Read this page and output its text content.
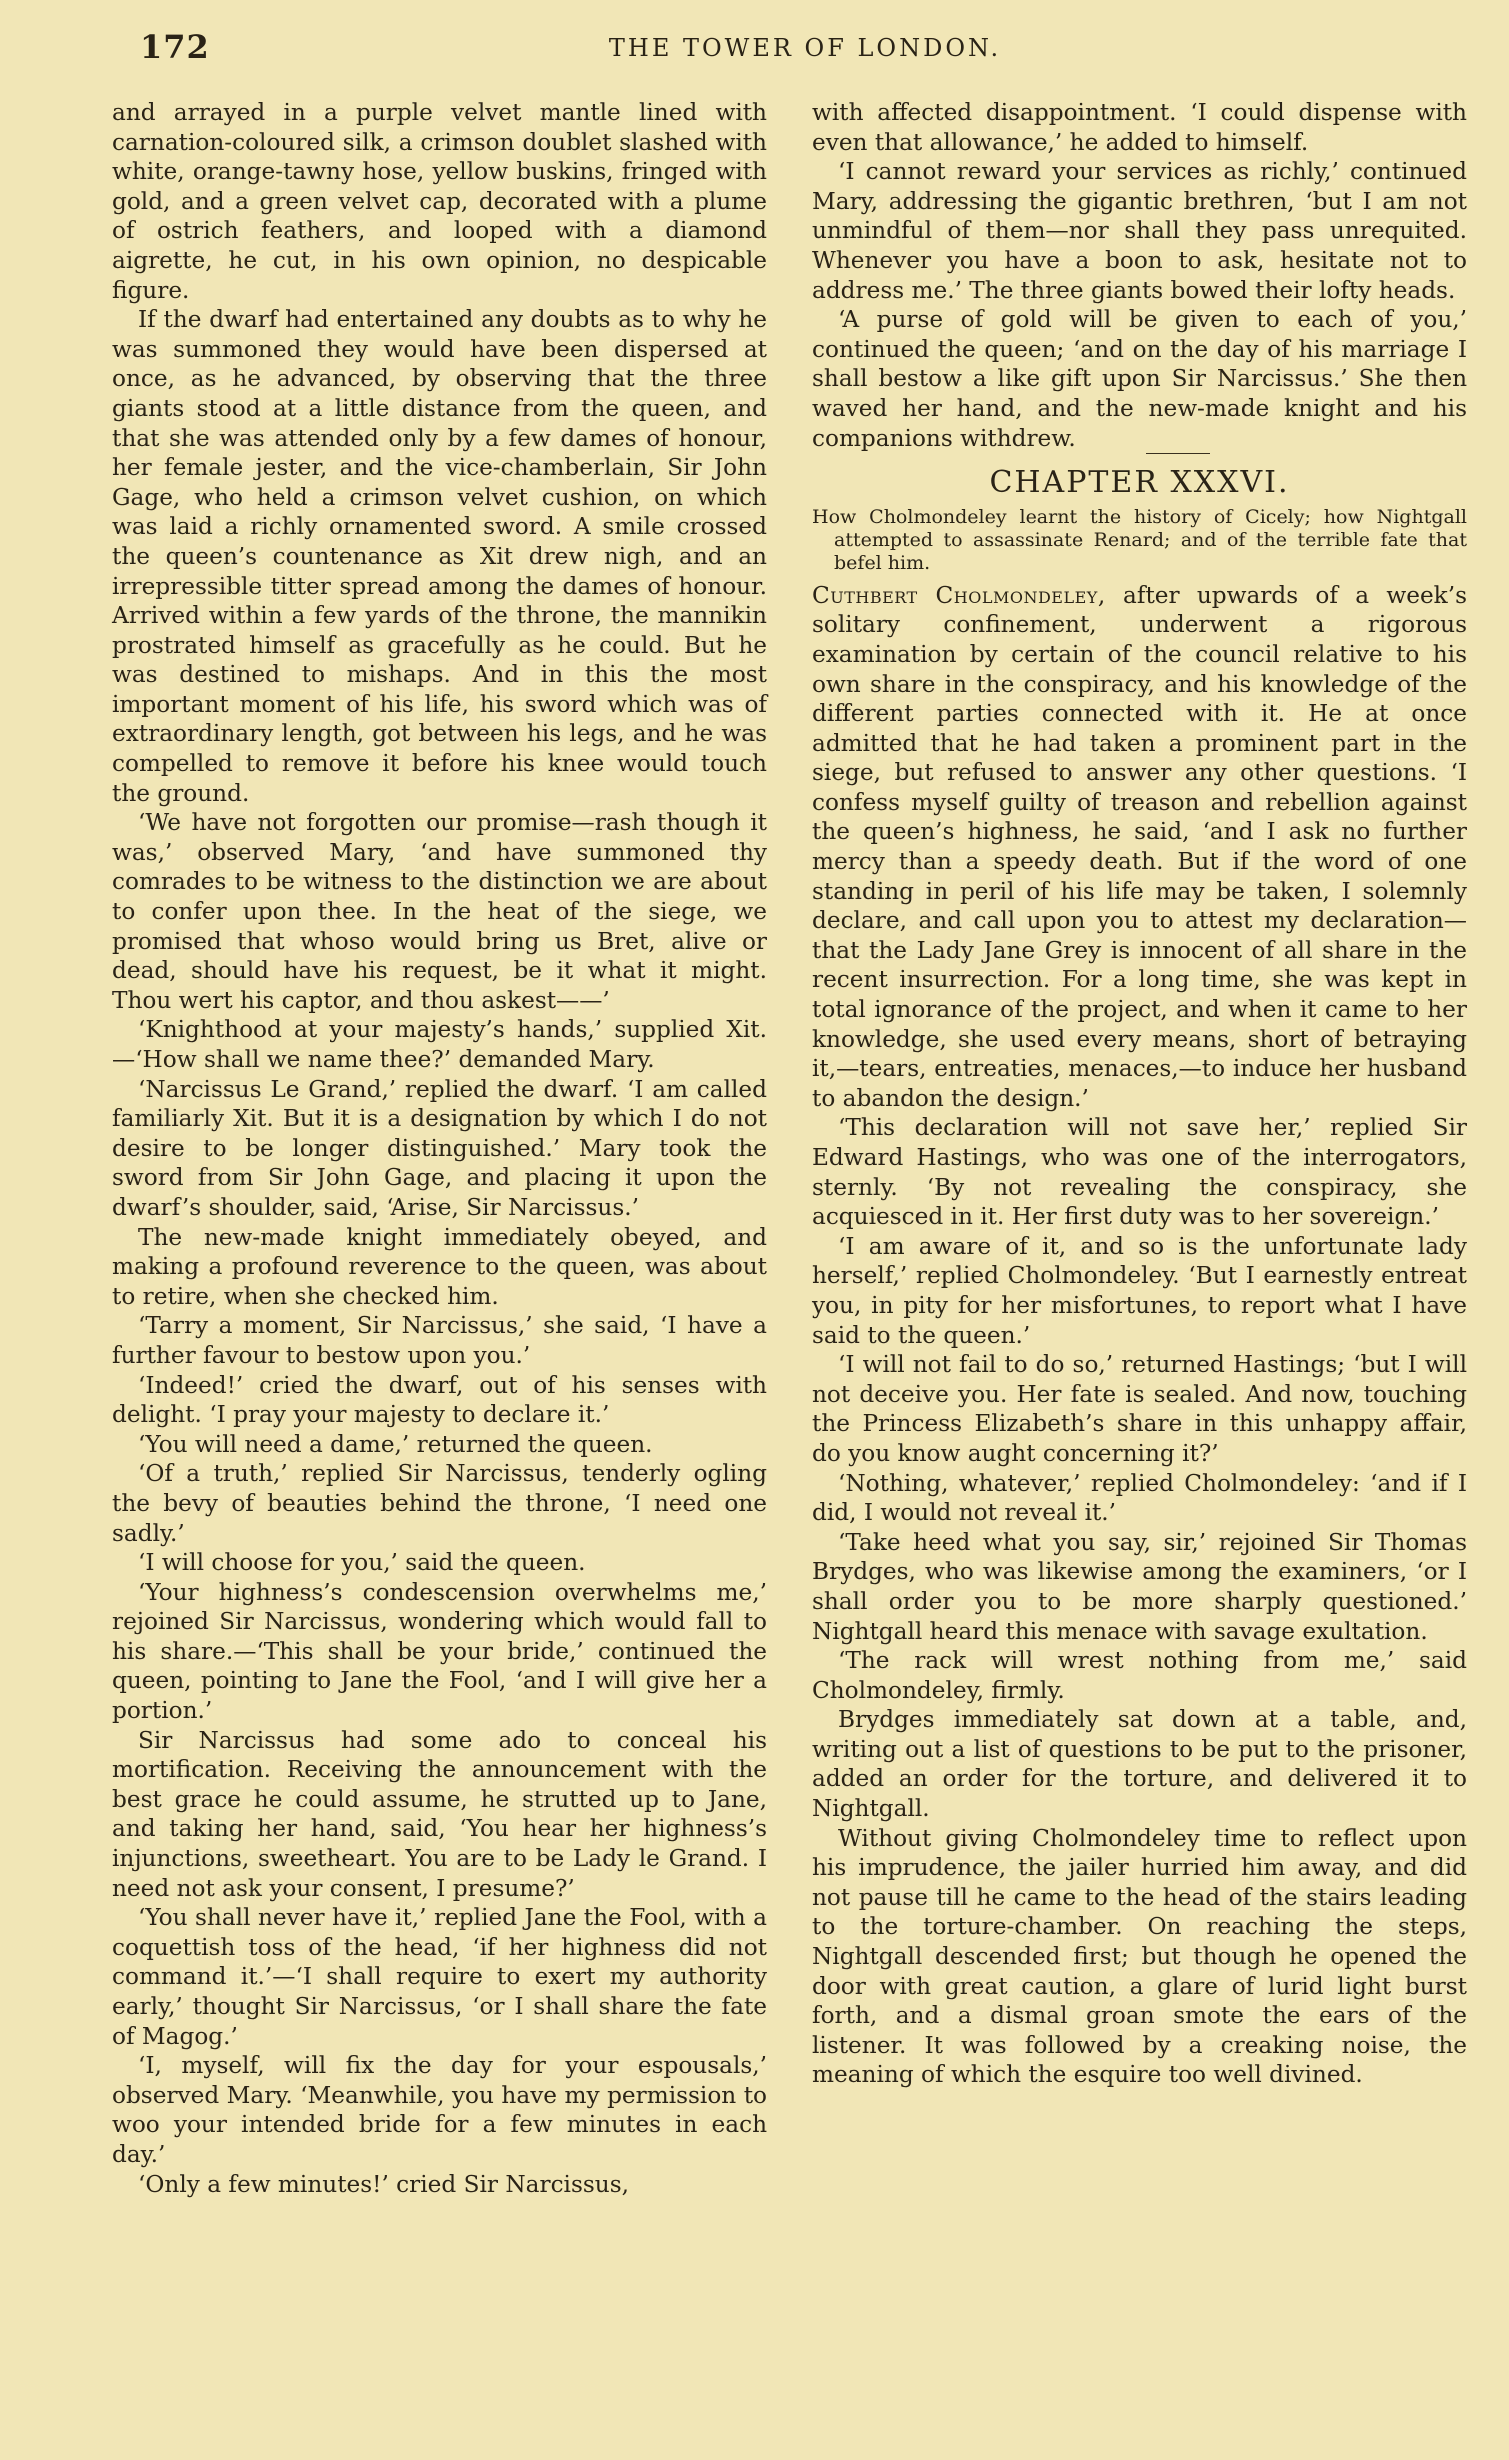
172	THE TOWER OF LONDON.

and arrayed in a purple velvet mantle lined with carnation-coloured silk, a crimson doublet slashed with white, orange-tawny hose, yellow buskins, fringed with gold, and a green velvet cap, decorated with a plume of ostrich feathers, and looped with a diamond aigrette, he cut, in his own opinion, no despicable figure.

If the dwarf had entertained any doubts as to why he was summoned they would have been dispersed at once, as he advanced, by observing that the three giants stood at a little distance from the queen, and that she was attended only by a few dames of honour, her female jester, and the vice-chamberlain, Sir John Gage, who held a crimson velvet cushion, on which was laid a richly ornamented sword. A smile crossed the queen’s countenance as Xit drew nigh, and an irrepressible titter spread among the dames of honour. Arrived within a few yards of the throne, the mannikin prostrated himself as gracefully as he could. But he was destined to mishaps. And in this the most important moment of his life, his sword which was of extraordinary length, got between his legs, and he was compelled to remove it before his knee would touch the ground.

‘We have not forgotten our promise—rash though it was,’ observed Mary, ‘and have summoned thy comrades to be witness to the distinction we are about to confer upon thee. In the heat of the siege, we promised that whoso would bring us Bret, alive or dead, should have his request, be it what it might. Thou wert his captor, and thou askest——’

‘Knighthood at your majesty’s hands,’ supplied Xit.—‘How shall we name thee?’ demanded Mary.

‘Narcissus Le Grand,’ replied the dwarf. ‘I am called familiarly Xit. But it is a designation by which I do not desire to be longer distinguished.’ Mary took the sword from Sir John Gage, and placing it upon the dwarf’s shoulder, said, ‘Arise, Sir Narcissus.’

The new-made knight immediately obeyed, and making a profound reverence to the queen, was about to retire, when she checked him.

‘Tarry a moment, Sir Narcissus,’ she said, ‘I have a further favour to bestow upon you.’

‘Indeed!’ cried the dwarf, out of his senses with delight. ‘I pray your majesty to declare it.’

‘You will need a dame,’ returned the queen.

‘Of a truth,’ replied Sir Narcissus, tenderly ogling the bevy of beauties behind the throne, ‘I need one sadly.’

‘I will choose for you,’ said the queen.

‘Your highness’s condescension overwhelms me,’ rejoined Sir Narcissus, wondering which would fall to his share.—‘This shall be your bride,’ continued the queen, pointing to Jane the Fool, ‘and I will give her a portion.’

Sir Narcissus had some ado to conceal his mortification. Receiving the announcement with the best grace he could assume, he strutted up to Jane, and taking her hand, said, ‘You hear her highness’s injunctions, sweetheart. You are to be Lady le Grand. I need not ask your consent, I presume?’

‘You shall never have it,’ replied Jane the Fool, with a coquettish toss of the head, ‘if her highness did not command it.’—‘I shall require to exert my authority early,’ thought Sir Narcissus, ‘or I shall share the fate of Magog.’

‘I, myself, will fix the day for your espousals,’ observed Mary. ‘Meanwhile, you have my permission to woo your intended bride for a few minutes in each day.’

‘Only a few minutes!’ cried Sir Narcissus,

with affected disappointment. ‘I could dispense with even that allowance,’ he added to himself.

‘I cannot reward your services as richly,’ continued Mary, addressing the gigantic brethren, ‘but I am not unmindful of them—nor shall they pass unrequited. Whenever you have a boon to ask, hesitate not to address me.’ The three giants bowed their lofty heads.

‘A purse of gold will be given to each of you,’ continued the queen; ‘and on the day of his marriage I shall bestow a like gift upon Sir Narcissus.’ She then waved her hand, and the new-made knight and his companions withdrew.

CHAPTER XXXVI.
How Cholmondeley learnt the history of Cicely; how Nightgall attempted to assassinate Renard; and of the terrible fate that befel him.

Cuthbert Cholmondeley, after upwards of a week’s solitary confinement, underwent a rigorous examination by certain of the council relative to his own share in the conspiracy, and his knowledge of the different parties connected with it. He at once admitted that he had taken a prominent part in the siege, but refused to answer any other questions. ‘I confess myself guilty of treason and rebellion against the queen’s highness, he said, ‘and I ask no further mercy than a speedy death. But if the word of one standing in peril of his life may be taken, I solemnly declare, and call upon you to attest my declaration—that the Lady Jane Grey is innocent of all share in the recent insurrection. For a long time, she was kept in total ignorance of the project, and when it came to her knowledge, she used every means, short of betraying it,—tears, entreaties, menaces,—to induce her husband to abandon the design.’

‘This declaration will not save her,’ replied Sir Edward Hastings, who was one of the interrogators, sternly. ‘By not revealing the conspiracy, she acquiesced in it. Her first duty was to her sovereign.’

‘I am aware of it, and so is the unfortunate lady herself,’ replied Cholmondeley. ‘But I earnestly entreat you, in pity for her misfortunes, to report what I have said to the queen.’

‘I will not fail to do so,’ returned Hastings; ‘but I will not deceive you. Her fate is sealed. And now, touching the Princess Elizabeth’s share in this unhappy affair, do you know aught concerning it?’

‘Nothing, whatever,’ replied Cholmondeley: ‘and if I did, I would not reveal it.’

‘Take heed what you say, sir,’ rejoined Sir Thomas Brydges, who was likewise among the examiners, ‘or I shall order you to be more sharply questioned.’ Nightgall heard this menace with savage exultation.

‘The rack will wrest nothing from me,’ said Cholmondeley, firmly.

Brydges immediately sat down at a table, and, writing out a list of questions to be put to the prisoner, added an order for the torture, and delivered it to Nightgall.

Without giving Cholmondeley time to reflect upon his imprudence, the jailer hurried him away, and did not pause till he came to the head of the stairs leading to the torture-chamber. On reaching the steps, Nightgall descended first; but though he opened the door with great caution, a glare of lurid light burst forth, and a dismal groan smote the ears of the listener. It was followed by a creaking noise, the meaning of which the esquire too well divined.
